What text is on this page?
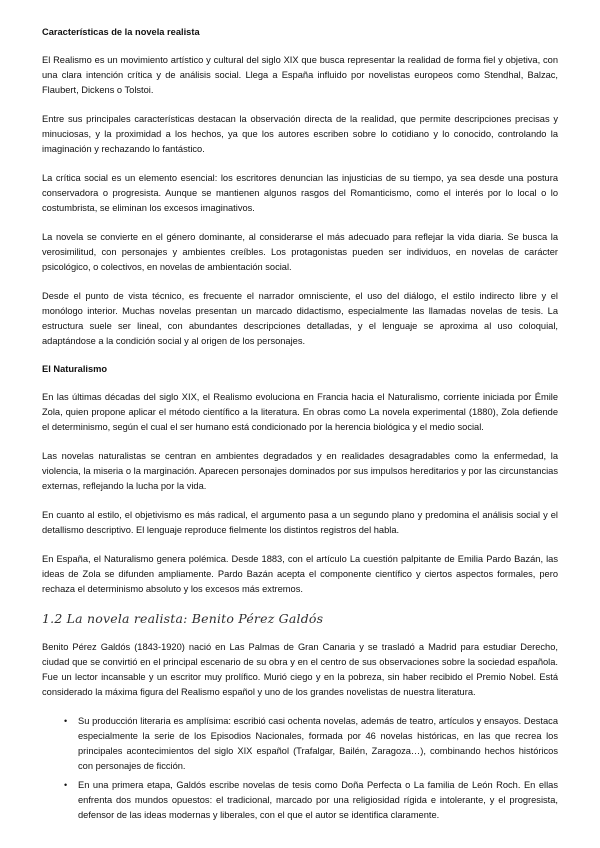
Características de la novela realista

El Realismo es un movimiento artístico y cultural del siglo XIX que busca representar la realidad de forma fiel y objetiva, con una clara intención crítica y de análisis social. Llega a España influido por novelistas europeos como Stendhal, Balzac, Flaubert, Dickens o Tolstoi.

Entre sus principales características destacan la observación directa de la realidad, que permite descripciones precisas y minuciosas, y la proximidad a los hechos, ya que los autores escriben sobre lo cotidiano y lo conocido, controlando la imaginación y rechazando lo fantástico.

La crítica social es un elemento esencial: los escritores denuncian las injusticias de su tiempo, ya sea desde una postura conservadora o progresista. Aunque se mantienen algunos rasgos del Romanticismo, como el interés por lo local o lo costumbrista, se eliminan los excesos imaginativos.

La novela se convierte en el género dominante, al considerarse el más adecuado para reflejar la vida diaria. Se busca la verosimilitud, con personajes y ambientes creíbles. Los protagonistas pueden ser individuos, en novelas de carácter psicológico, o colectivos, en novelas de ambientación social.

Desde el punto de vista técnico, es frecuente el narrador omnisciente, el uso del diálogo, el estilo indirecto libre y el monólogo interior. Muchas novelas presentan un marcado didactismo, especialmente las llamadas novelas de tesis. La estructura suele ser lineal, con abundantes descripciones detalladas, y el lenguaje se aproxima al uso coloquial, adaptándose a la condición social y al origen de los personajes.

El Naturalismo

En las últimas décadas del siglo XIX, el Realismo evoluciona en Francia hacia el Naturalismo, corriente iniciada por Émile Zola, quien propone aplicar el método científico a la literatura. En obras como La novela experimental (1880), Zola defiende el determinismo, según el cual el ser humano está condicionado por la herencia biológica y el medio social.

Las novelas naturalistas se centran en ambientes degradados y en realidades desagradables como la enfermedad, la violencia, la miseria o la marginación. Aparecen personajes dominados por sus impulsos hereditarios y por las circunstancias externas, reflejando la lucha por la vida.

En cuanto al estilo, el objetivismo es más radical, el argumento pasa a un segundo plano y predomina el análisis social y el detallismo descriptivo. El lenguaje reproduce fielmente los distintos registros del habla.

En España, el Naturalismo genera polémica. Desde 1883, con el artículo La cuestión palpitante de Emilia Pardo Bazán, las ideas de Zola se difunden ampliamente. Pardo Bazán acepta el componente científico y ciertos aspectos formales, pero rechaza el determinismo absoluto y los excesos más extremos.

1.2 La novela realista: Benito Pérez Galdós

Benito Pérez Galdós (1843-1920) nació en Las Palmas de Gran Canaria y se trasladó a Madrid para estudiar Derecho, ciudad que se convirtió en el principal escenario de su obra y en el centro de sus observaciones sobre la sociedad española. Fue un lector incansable y un escritor muy prolífico. Murió ciego y en la pobreza, sin haber recibido el Premio Nobel. Está considerado la máxima figura del Realismo español y uno de los grandes novelistas de nuestra literatura.

• Su producción literaria es amplísima: escribió casi ochenta novelas, además de teatro, artículos y ensayos. Destaca especialmente la serie de los Episodios Nacionales, formada por 46 novelas históricas, en las que recrea los principales acontecimientos del siglo XIX español (Trafalgar, Bailén, Zaragoza…), combinando hechos históricos con personajes de ficción.
• En una primera etapa, Galdós escribe novelas de tesis como Doña Perfecta o La familia de León Roch. En ellas enfrenta dos mundos opuestos: el tradicional, marcado por una religiosidad rígida e intolerante, y el progresista, defensor de las ideas modernas y liberales, con el que el autor se identifica claramente.
